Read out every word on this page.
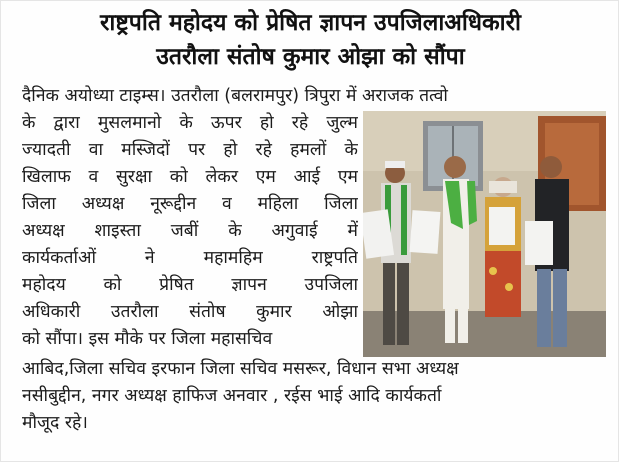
राष्ट्रपति महोदय को प्रेषित ज्ञापन उपजिलाअधिकारी
उतरौला संतोष कुमार ओझा को सौंपा
दैनिक अयोध्या टाइम्स। उतरौला (बलरामपुर) त्रिपुरा में अराजक तत्वो
के द्वारा मुसलमानो के ऊपर हो रहे जुल्म
ज्यादती वा मस्जिदों पर हो रहे हमलों के
खिलाफ व सुरक्षा को लेकर एम आई एम
जिला अध्यक्ष नूरूद्दीन व महिला जिला
अध्यक्ष शाइस्ता जबीं के अगुवाई में
कार्यकर्ताओं ने महामहिम राष्ट्रपति
महोदय को प्रेषित ज्ञापन उपजिला
अधिकारी उतरौला संतोष कुमार ओझा
को सौंपा। इस मौके पर जिला महासचिव
आबिद,जिला सचिव इरफान जिला सचिव मसरूर, विधान सभा अध्यक्ष
नसीबुद्दीन, नगर अध्यक्ष हाफिज अनवार , रईस भाई आदि कार्यकर्ता
मौजूद रहे।
